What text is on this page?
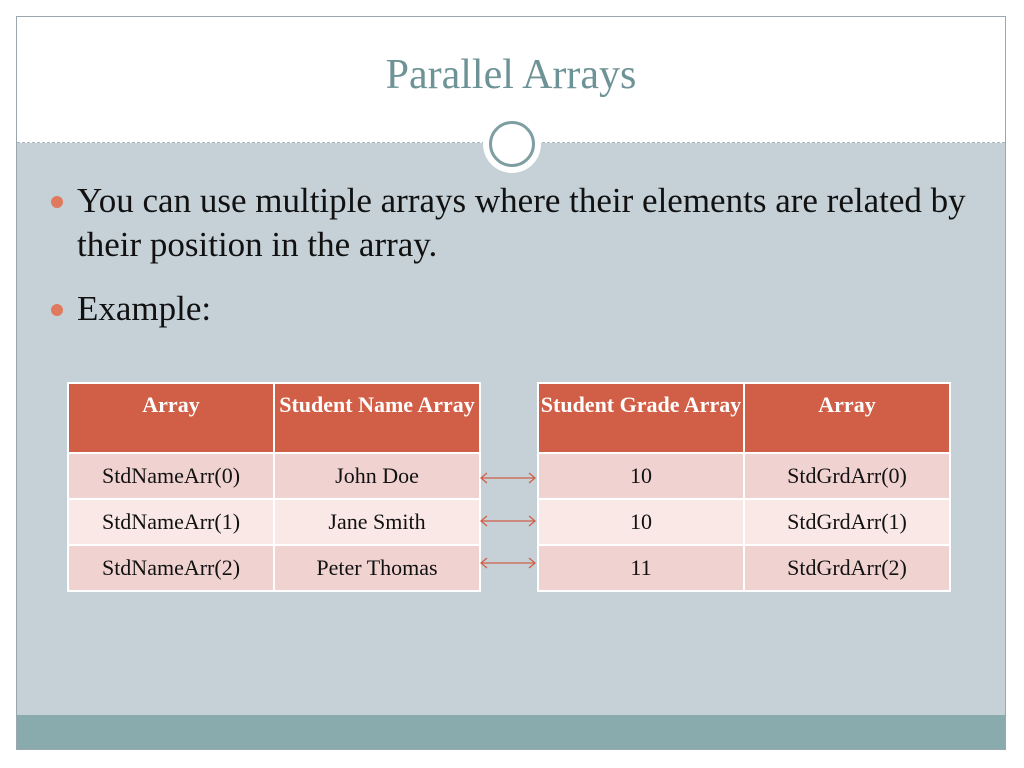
Parallel Arrays
You can use multiple arrays where their elements are related by their position in the array.
Example:
Array	Student Name Array
StdNameArr(0)	John Doe
StdNameArr(1)	Jane Smith
StdNameArr(2)	Peter Thomas
Student Grade Array	Array
10	StdGrdArr(0)
10	StdGrdArr(1)
11	StdGrdArr(2)
